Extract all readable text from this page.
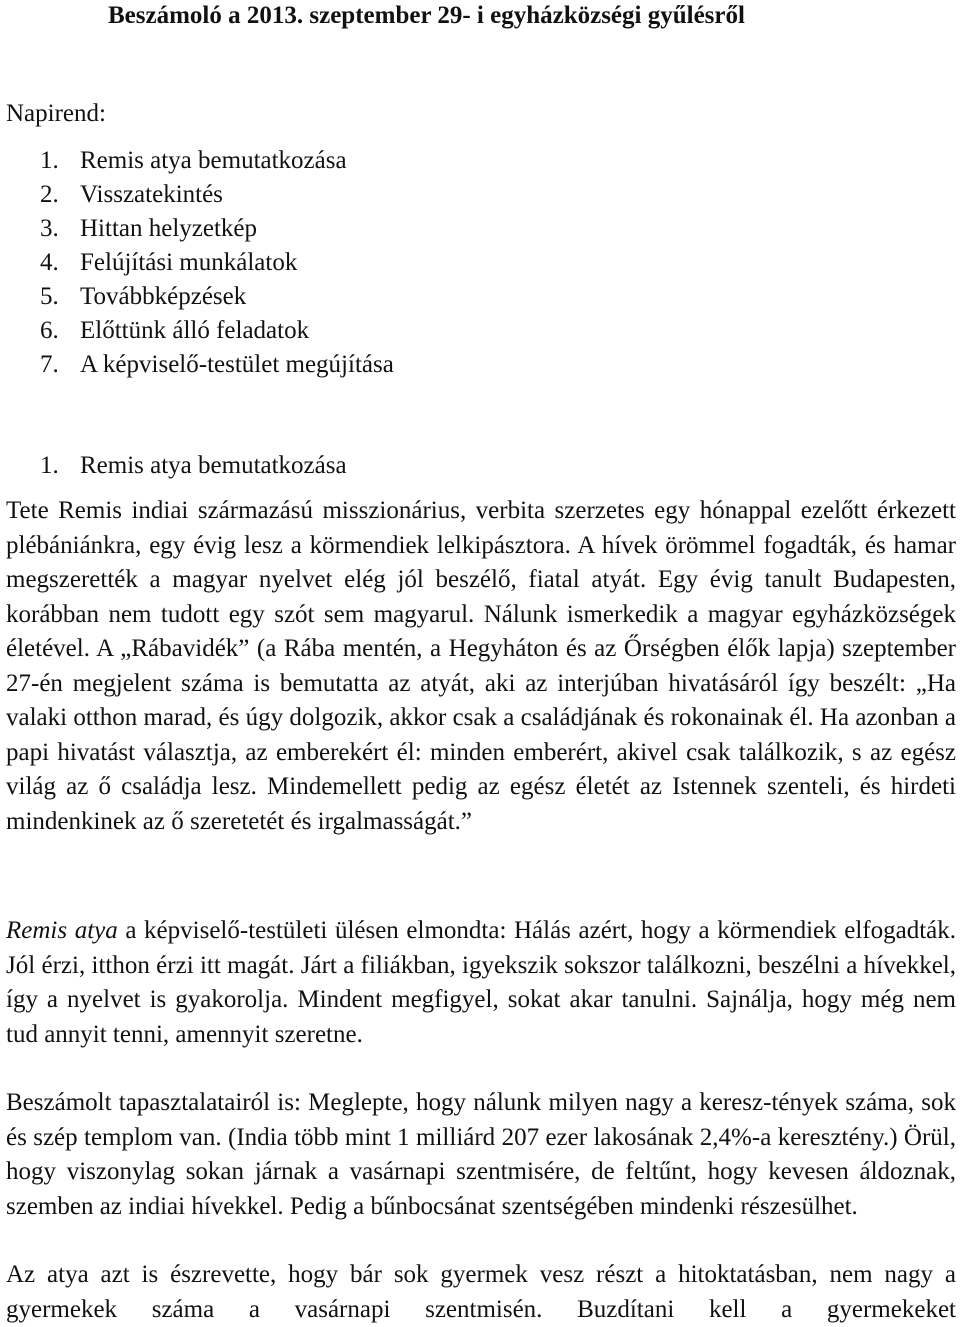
Beszámoló a 2013. szeptember 29- i egyházközségi gyűlésről
Napirend:
1. Remis atya bemutatkozása
2. Visszatekintés
3. Hittan helyzetkép
4. Felújítási munkálatok
5. Továbbképzések
6. Előttünk álló feladatok
7. A képviselő-testület megújítása
1. Remis atya bemutatkozása

Tete Remis indiai származású misszionárius, verbita szerzetes egy hónappal ezelőtt érkezett plébániánkra, egy évig lesz a körmendiek lelkipásztora. A hívek örömmel fogadták, és hamar megszerették a magyar nyelvet elég jól beszélő, fiatal atyát. Egy évig tanult Budapesten, korábban nem tudott egy szót sem magyarul. Nálunk ismerkedik a magyar egyházközségek életével. A „Rábavidék” (a Rába mentén, a Hegyháton és az Őrségben élők lapja) szeptember 27-én megjelent száma is bemutatta az atyát, aki az interjúban hivatásáról így beszélt: „Ha valaki otthon marad, és úgy dolgozik, akkor csak a családjának és rokonainak él. Ha azonban a papi hivatást választja, az emberekért él: minden emberért, akivel csak találkozik, s az egész világ az ő családja lesz. Mindemellett pedig az egész életét az Istennek szenteli, és hirdeti mindenkinek az ő szeretetét és irgalmasságát.”

Remis atya a képviselő-testületi ülésen elmondta: Hálás azért, hogy a körmendiek elfogadták. Jól érzi, itthon érzi itt magát. Járt a filiákban, igyekszik sokszor találkozni, beszélni a hívekkel, így a nyelvet is gyakorolja. Mindent megfigyel, sokat akar tanulni. Sajnálja, hogy még nem tud annyit tenni, amennyit szeretne.

Beszámolt tapasztalatairól is: Meglepte, hogy nálunk milyen nagy a keresz-tények száma, sok és szép templom van. (India több mint 1 milliárd 207 ezer lakosának 2,4%-a keresztény.) Örül, hogy viszonylag sokan járnak a vasárnapi szentmisére, de feltűnt, hogy kevesen áldoznak, szemben az indiai hívekkel. Pedig a bűnbocsánat szentségében mindenki részesülhet.

Az atya azt is észrevette, hogy bár sok gyermek vesz részt a hitoktatásban, nem nagy a gyermekek száma a vasárnapi szentmisén. Buzdítani kell a gyermekeket
